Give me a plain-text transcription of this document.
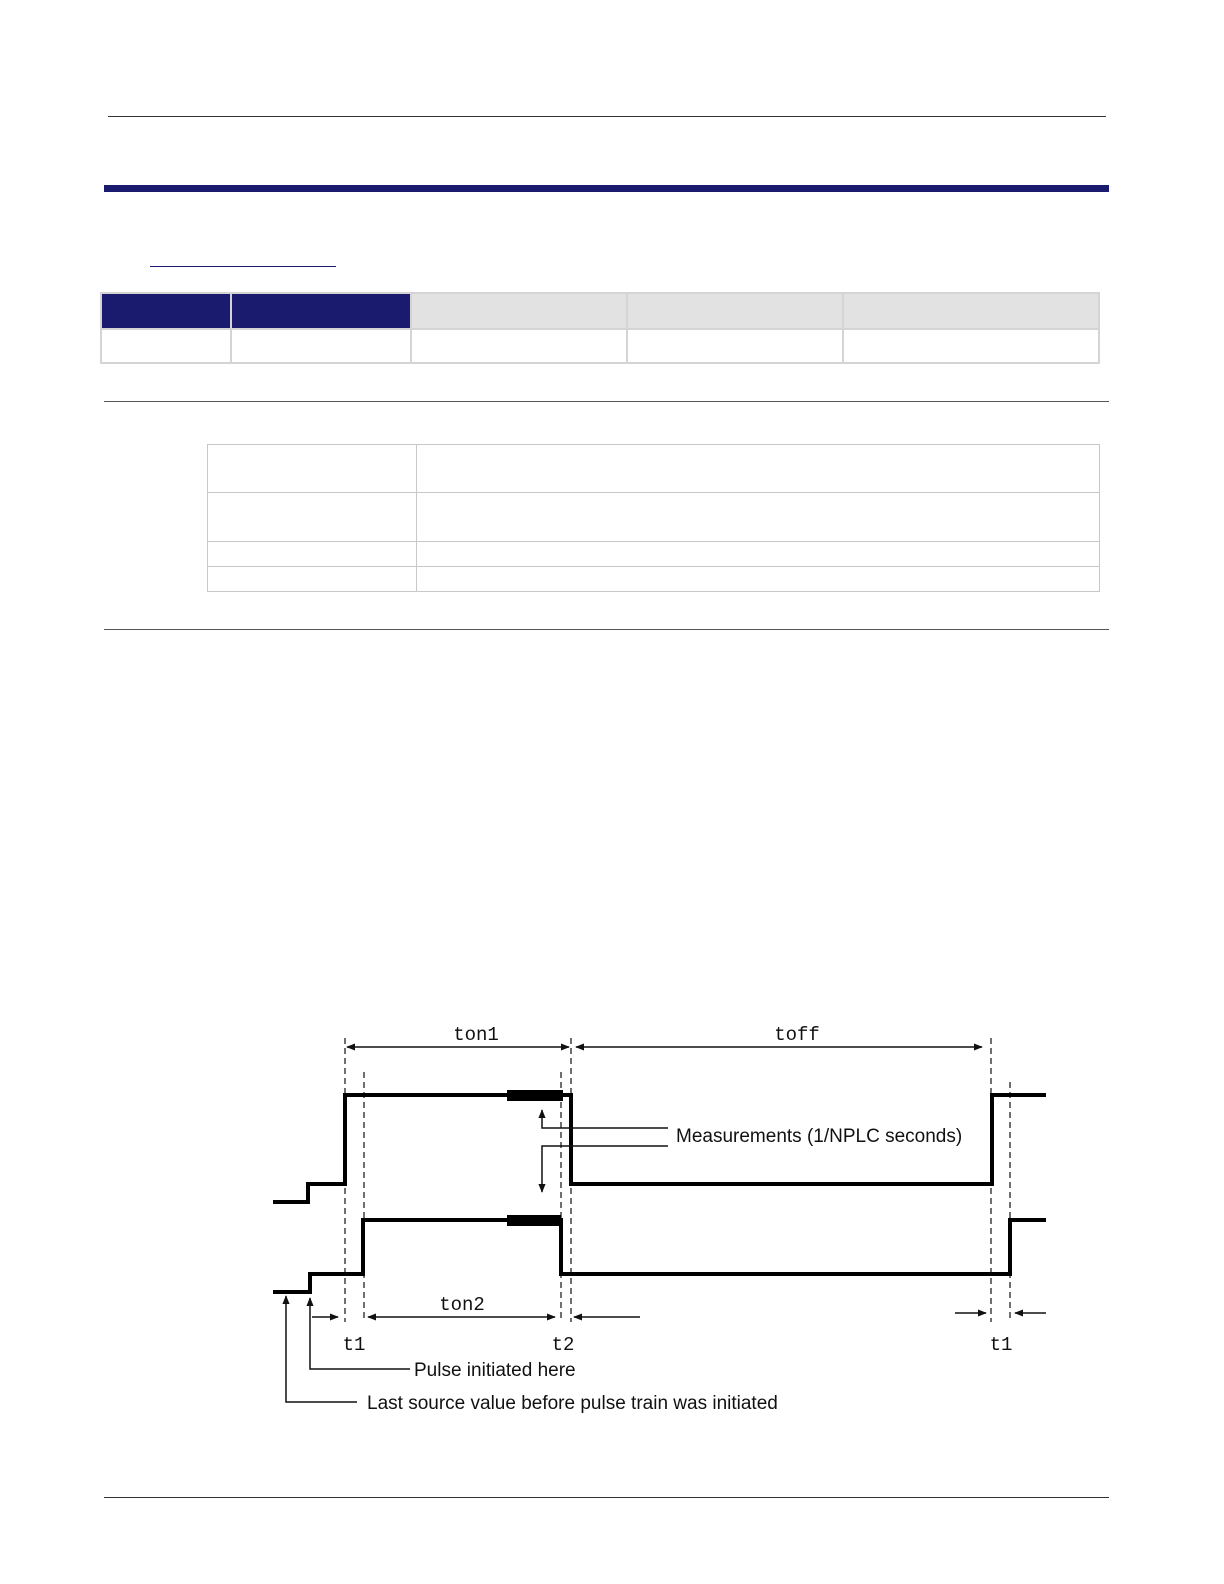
ton1	toff
ton2
t1	t2	t1
Measurements (1/NPLC seconds)
Pulse initiated here
Last source value before pulse train was initiated
